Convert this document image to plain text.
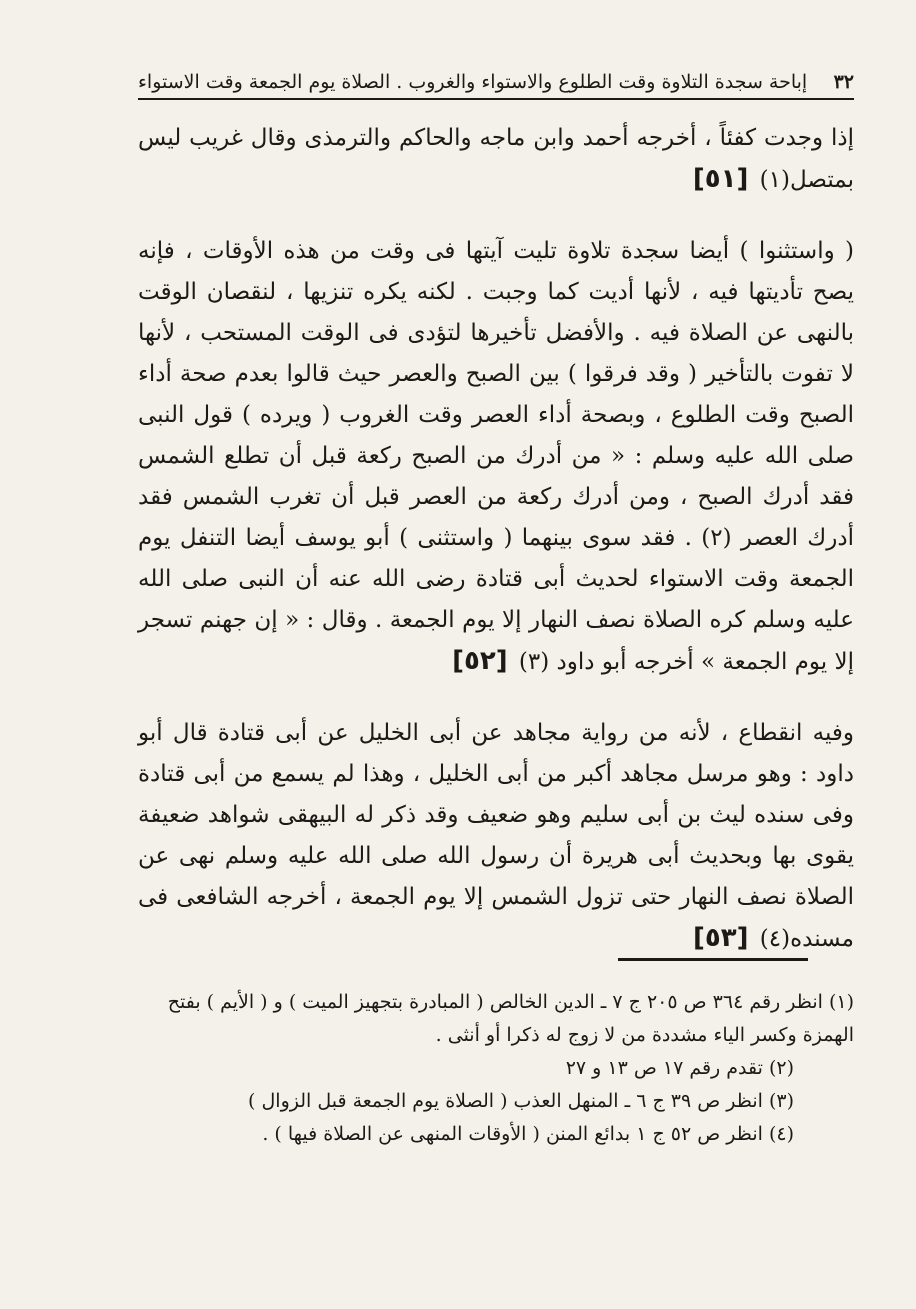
٣٢
إباحة سجدة التلاوة وقت الطلوع والاستواء والغروب . الصلاة يوم الجمعة وقت الاستواء

إذا وجدت كفئاً ، أخرجه أحمد وابن ماجه والحاكم والترمذى وقال غريب ليس بمتصل(١) [٥١]

( واستثنوا ) أيضا سجدة تلاوة تليت آيتها فى وقت من هذه الأوقات ، فإنه يصح تأديتها فيه ، لأنها أديت كما وجبت . لكنه يكره تنزيها ، لنقصان الوقت بالنهى عن الصلاة فيه . والأفضل تأخيرها لتؤدى فى الوقت المستحب ، لأنها لا تفوت بالتأخير ( وقد فرقوا ) بين الصبح والعصر حيث قالوا بعدم صحة أداء الصبح وقت الطلوع ، وبصحة أداء العصر وقت الغروب ( ويرده ) قول النبى صلى الله عليه وسلم : « من أدرك من الصبح ركعة قبل أن تطلع الشمس فقد أدرك الصبح ، ومن أدرك ركعة من العصر قبل أن تغرب الشمس فقد أدرك العصر (٢) . فقد سوى بينهما ( واستثنى ) أبو يوسف أيضا التنفل يوم الجمعة وقت الاستواء لحديث أبى قتادة رضى الله عنه أن النبى صلى الله عليه وسلم كره الصلاة نصف النهار إلا يوم الجمعة . وقال : « إن جهنم تسجر إلا يوم الجمعة » أخرجه أبو داود (٣) [٥٢]

وفيه انقطاع ، لأنه من رواية مجاهد عن أبى الخليل عن أبى قتادة قال أبو داود : وهو مرسل مجاهد أكبر من أبى الخليل ، وهذا لم يسمع من أبى قتادة وفى سنده ليث بن أبى سليم وهو ضعيف وقد ذكر له البيهقى شواهد ضعيفة يقوى بها وبحديث أبى هريرة أن رسول الله صلى الله عليه وسلم نهى عن الصلاة نصف النهار حتى تزول الشمس إلا يوم الجمعة ، أخرجه الشافعى فى مسنده(٤) [٥٣]

(١) انظر رقم ٣٦٤ ص ٢٠٥ ج ٧ ـ الدين الخالص ( المبادرة بتجهيز الميت ) و ( الأيم ) بفتح الهمزة وكسر الياء مشددة من لا زوج له ذكرا أو أنثى .

(٢) تقدم رقم ١٧ ص ١٣ و ٢٧

(٣) انظر ص ٣٩ ج ٦ ـ المنهل العذب ( الصلاة يوم الجمعة قبل الزوال )

(٤) انظر ص ٥٢ ج ١ بدائع المنن ( الأوقات المنهى عن الصلاة فيها ) .
